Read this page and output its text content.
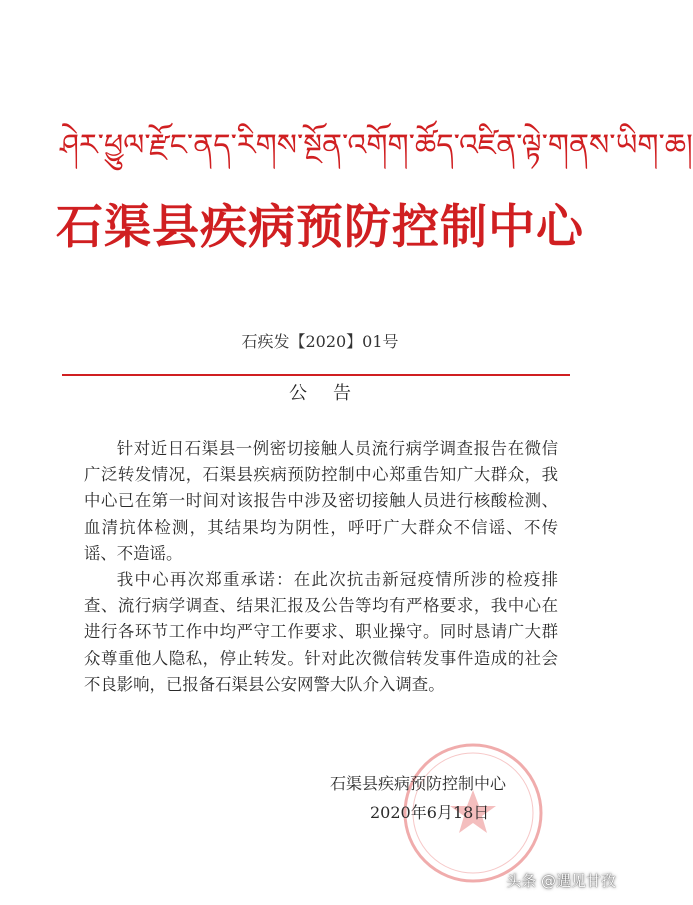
ཤེར་ཕྱུལ་རྫོང་ནད་རིགས་སྔོན་འགོག་ཚོད་འཛིན་ལྟེ་གནས་ཡིག་ཆ།
石渠县疾病预防控制中心
石疾发【2020】01号
公告

针对近日石渠县一例密切接触人员流行病学调查报告在微信广泛转发情况，石渠县疾病预防控制中心郑重告知广大群众，我中心已在第一时间对该报告中涉及密切接触人员进行核酸检测、血清抗体检测，其结果均为阴性，呼吁广大群众不信谣、不传谣、不造谣。

我中心再次郑重承诺：在此次抗击新冠疫情所涉的检疫排查、流行病学调查、结果汇报及公告等均有严格要求，我中心在进行各环节工作中均严守工作要求、职业操守。同时恳请广大群众尊重他人隐私，停止转发。针对此次微信转发事件造成的社会不良影响，已报备石渠县公安网警大队介入调查。

石渠县疾病预防控制中心
2020年6月18日
头条 @遇见甘孜
